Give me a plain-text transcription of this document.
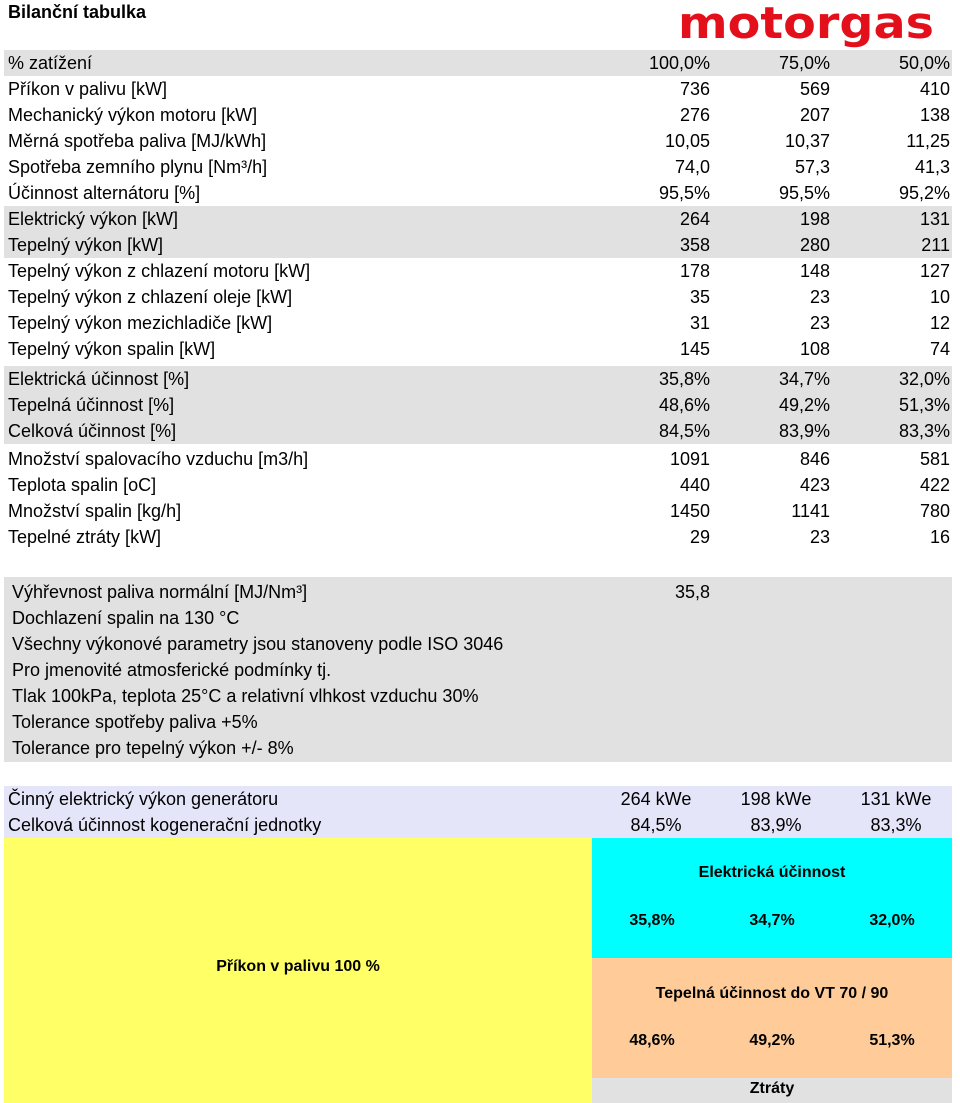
Bilanční tabulka	motorgas
% zatížení	100,0%	75,0%	50,0%
Příkon v palivu [kW]	736	569	410
Mechanický výkon motoru [kW]	276	207	138
Měrná spotřeba paliva [MJ/kWh]	10,05	10,37	11,25
Spotřeba zemního plynu [Nm³/h]	74,0	57,3	41,3
Účinnost alternátoru [%]	95,5%	95,5%	95,2%
Elektrický výkon [kW]	264	198	131
Tepelný výkon [kW]	358	280	211
Tepelný výkon z chlazení motoru [kW]	178	148	127
Tepelný výkon z chlazení oleje [kW]	35	23	10
Tepelný výkon mezichladiče [kW]	31	23	12
Tepelný výkon spalin [kW]	145	108	74
Elektrická účinnost [%]	35,8%	34,7%	32,0%
Tepelná účinnost [%]	48,6%	49,2%	51,3%
Celková účinnost [%]	84,5%	83,9%	83,3%
Množství spalovacího vzduchu [m3/h]	1091	846	581
Teplota spalin [oC]	440	423	422
Množství spalin [kg/h]	1450	1141	780
Tepelné ztráty [kW]	29	23	16
Výhřevnost paliva normální [MJ/Nm³]	35,8
Dochlazení spalin na 130 °C
Všechny výkonové parametry jsou stanoveny podle ISO 3046
Pro jmenovité atmosferické podmínky tj.
Tlak 100kPa, teplota 25°C a relativní vlhkost vzduchu 30%
Tolerance spotřeby paliva +5%
Tolerance pro tepelný výkon +/- 8%
Činný elektrický výkon generátoru	264 kWe	198 kWe	131 kWe
Celková účinnost kogenerační jednotky	84,5%	83,9%	83,3%
Příkon v palivu 100 %
Elektrická účinnost
35,8%	34,7%	32,0%
Tepelná účinnost do VT 70 / 90
48,6%	49,2%	51,3%
Ztráty
